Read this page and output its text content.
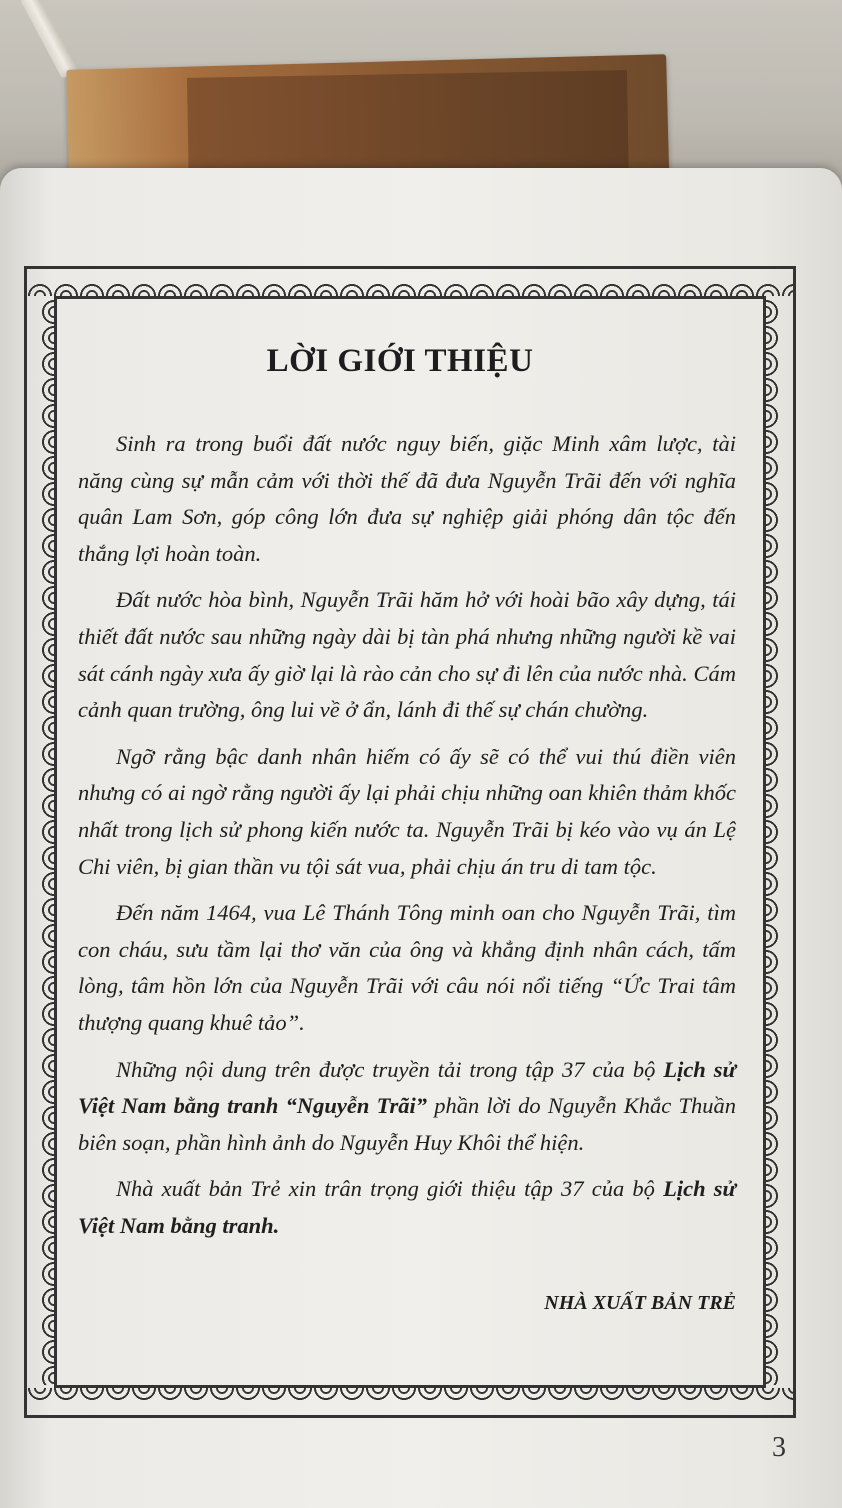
LỜI GIỚI THIỆU

Sinh ra trong buổi đất nước nguy biến, giặc Minh xâm lược, tài năng cùng sự mẫn cảm với thời thế đã đưa Nguyễn Trãi đến với nghĩa quân Lam Sơn, góp công lớn đưa sự nghiệp giải phóng dân tộc đến thắng lợi hoàn toàn.

Đất nước hòa bình, Nguyễn Trãi hăm hở với hoài bão xây dựng, tái thiết đất nước sau những ngày dài bị tàn phá nhưng những người kề vai sát cánh ngày xưa ấy giờ lại là rào cản cho sự đi lên của nước nhà. Cám cảnh quan trường, ông lui về ở ẩn, lánh đi thế sự chán chường.

Ngỡ rằng bậc danh nhân hiếm có ấy sẽ có thể vui thú điền viên nhưng có ai ngờ rằng người ấy lại phải chịu những oan khiên thảm khốc nhất trong lịch sử phong kiến nước ta. Nguyễn Trãi bị kéo vào vụ án Lệ Chi viên, bị gian thần vu tội sát vua, phải chịu án tru di tam tộc.

Đến năm 1464, vua Lê Thánh Tông minh oan cho Nguyễn Trãi, tìm con cháu, sưu tầm lại thơ văn của ông và khẳng định nhân cách, tấm lòng, tâm hồn lớn của Nguyễn Trãi với câu nói nổi tiếng “Ức Trai tâm thượng quang khuê tảo”.

Những nội dung trên được truyền tải trong tập 37 của bộ Lịch sử Việt Nam bằng tranh “Nguyễn Trãi” phần lời do Nguyễn Khắc Thuần biên soạn, phần hình ảnh do Nguyễn Huy Khôi thể hiện.

Nhà xuất bản Trẻ xin trân trọng giới thiệu tập 37 của bộ Lịch sử Việt Nam bằng tranh.

NHÀ XUẤT BẢN TRẺ
3
